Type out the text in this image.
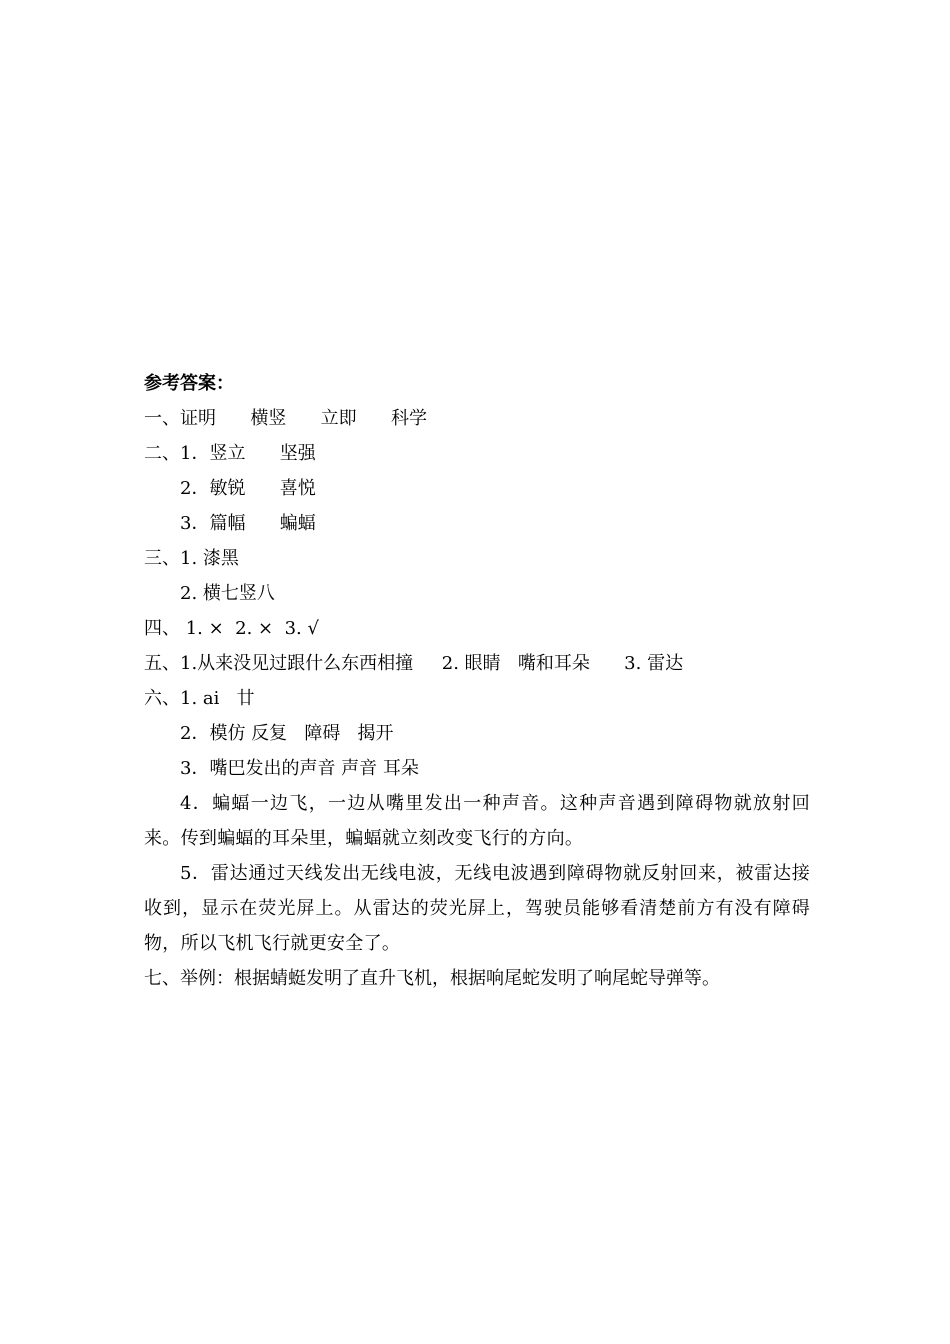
参考答案：
一、证明      横竖      立即      科学
二、1．竖立      坚强
2．敏锐      喜悦
3．篇幅      蝙蝠
三、1. 漆黑
2. 横七竖八
四、 1. ×  2. ×  3. √
五、1.从来没见过跟什么东西相撞     2. 眼睛   嘴和耳朵      3. 雷达
六、1. ai   廿
2．模仿 反复   障碍   揭开
3．嘴巴发出的声音 声音 耳朵
4．蝙蝠一边飞，一边从嘴里发出一种声音。这种声音遇到障碍物就放射回来。传到蝙蝠的耳朵里，蝙蝠就立刻改变飞行的方向。
5．雷达通过天线发出无线电波，无线电波遇到障碍物就反射回来，被雷达接收到，显示在荧光屏上。从雷达的荧光屏上，驾驶员能够看清楚前方有没有障碍物，所以飞机飞行就更安全了。
七、举例：根据蜻蜓发明了直升飞机，根据响尾蛇发明了响尾蛇导弹等。
